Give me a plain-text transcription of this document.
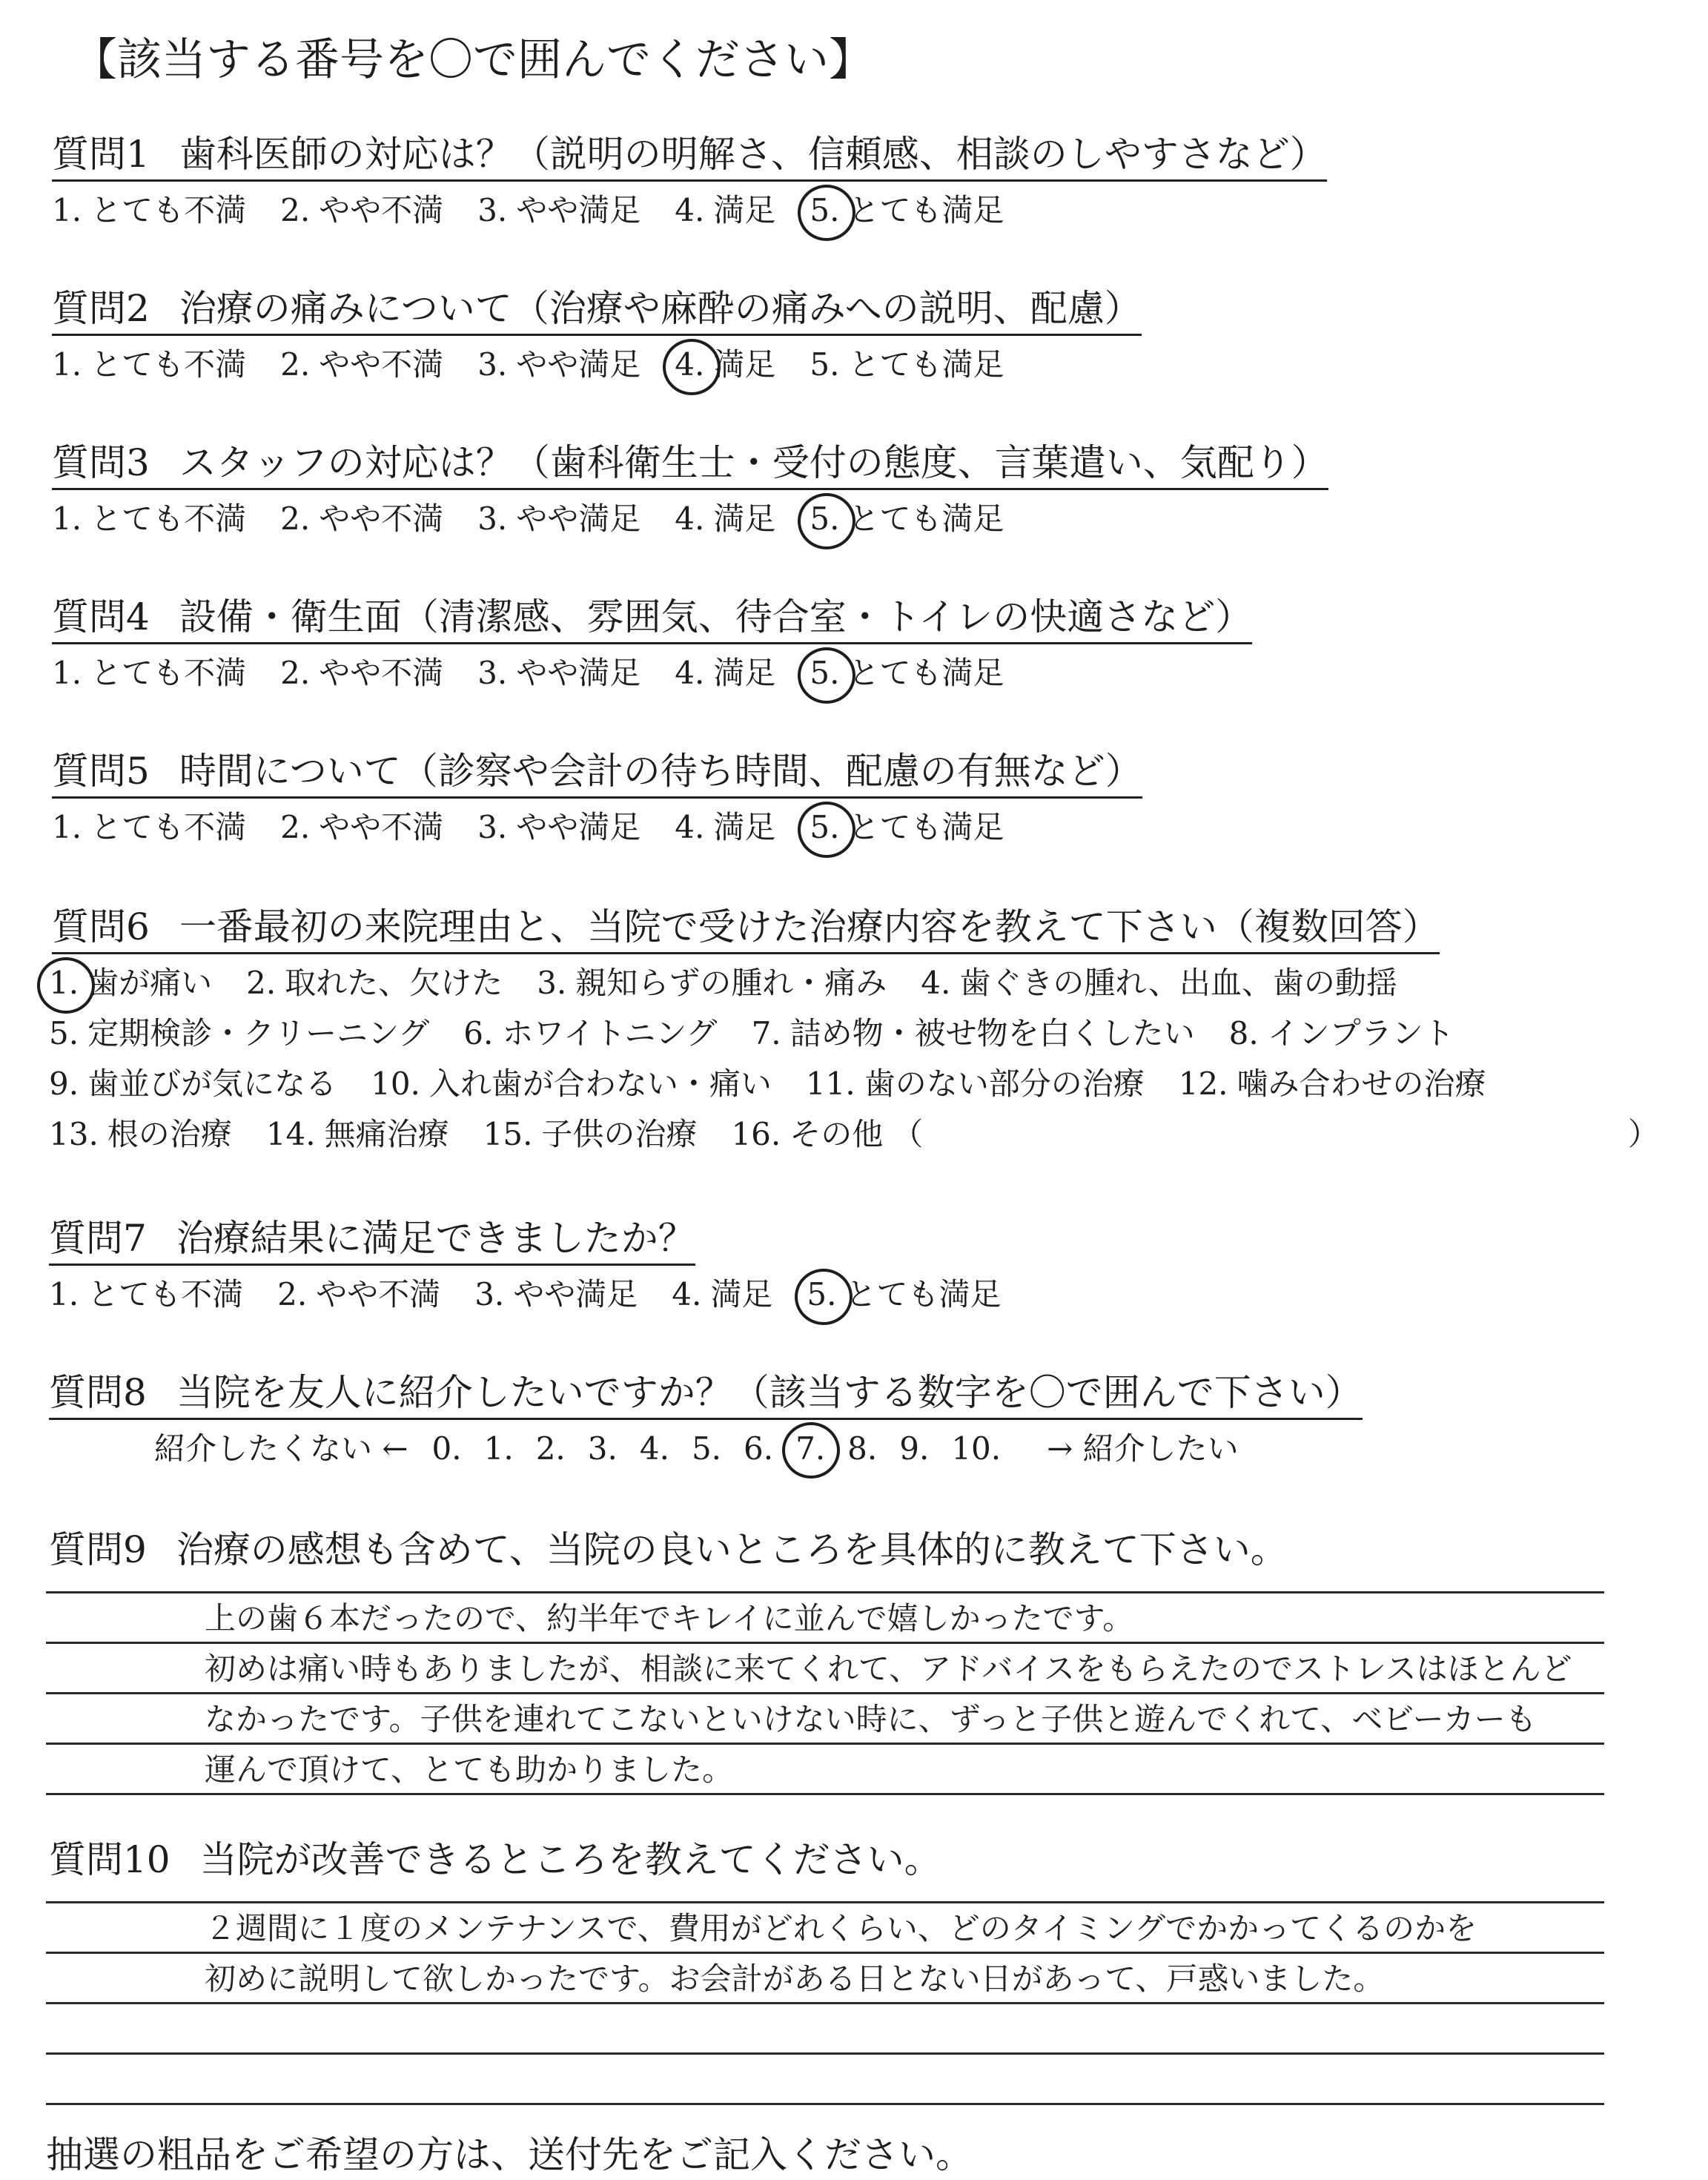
【該当する番号を〇で囲んでください】
質問1 歯科医師の対応は？（説明の明解さ、信頼感、相談のしやすさなど）
1. とても不満 2. やや不満 3. やや満足 4. 満足 5. とても満足
質問2 治療の痛みについて（治療や麻酔の痛みへの説明、配慮）
1. とても不満 2. やや不満 3. やや満足 4. 満足 5. とても満足
質問3 スタッフの対応は？（歯科衛生士・受付の態度、言葉遣い、気配り）
1. とても不満 2. やや不満 3. やや満足 4. 満足 5. とても満足
質問4 設備・衛生面（清潔感、雰囲気、待合室・トイレの快適さなど）
1. とても不満 2. やや不満 3. やや満足 4. 満足 5. とても満足
質問5 時間について（診察や会計の待ち時間、配慮の有無など）
1. とても不満 2. やや不満 3. やや満足 4. 満足 5. とても満足
質問6 一番最初の来院理由と、当院で受けた治療内容を教えて下さい（複数回答）
1. 歯が痛い 2. 取れた、欠けた 3. 親知らずの腫れ・痛み 4. 歯ぐきの腫れ、出血、歯の動揺
5. 定期検診・クリーニング 6. ホワイトニング 7. 詰め物・被せ物を白くしたい 8. インプラント
9. 歯並びが気になる 10. 入れ歯が合わない・痛い 11. 歯のない部分の治療 12. 噛み合わせの治療
13. 根の治療 14. 無痛治療 15. 子供の治療 16. その他 （	）
質問7 治療結果に満足できましたか？
1. とても不満 2. やや不満 3. やや満足 4. 満足 5. とても満足
質問8 当院を友人に紹介したいですか？（該当する数字を〇で囲んで下さい）
紹介したくない ← 0. 1. 2. 3. 4. 5. 6. 7. 8. 9. 10. → 紹介したい
質問9 治療の感想も含めて、当院の良いところを具体的に教えて下さい。
上の歯６本だったので、約半年でキレイに並んで嬉しかったです。
初めは痛い時もありましたが、相談に来てくれて、アドバイスをもらえたのでストレスはほとんど
なかったです。子供を連れてこないといけない時に、ずっと子供と遊んでくれて、ベビーカーも
運んで頂けて、とても助かりました。
質問10 当院が改善できるところを教えてください。
２週間に１度のメンテナンスで、費用がどれくらい、どのタイミングでかかってくるのかを
初めに説明して欲しかったです。お会計がある日とない日があって、戸惑いました。
抽選の粗品をご希望の方は、送付先をご記入ください。
